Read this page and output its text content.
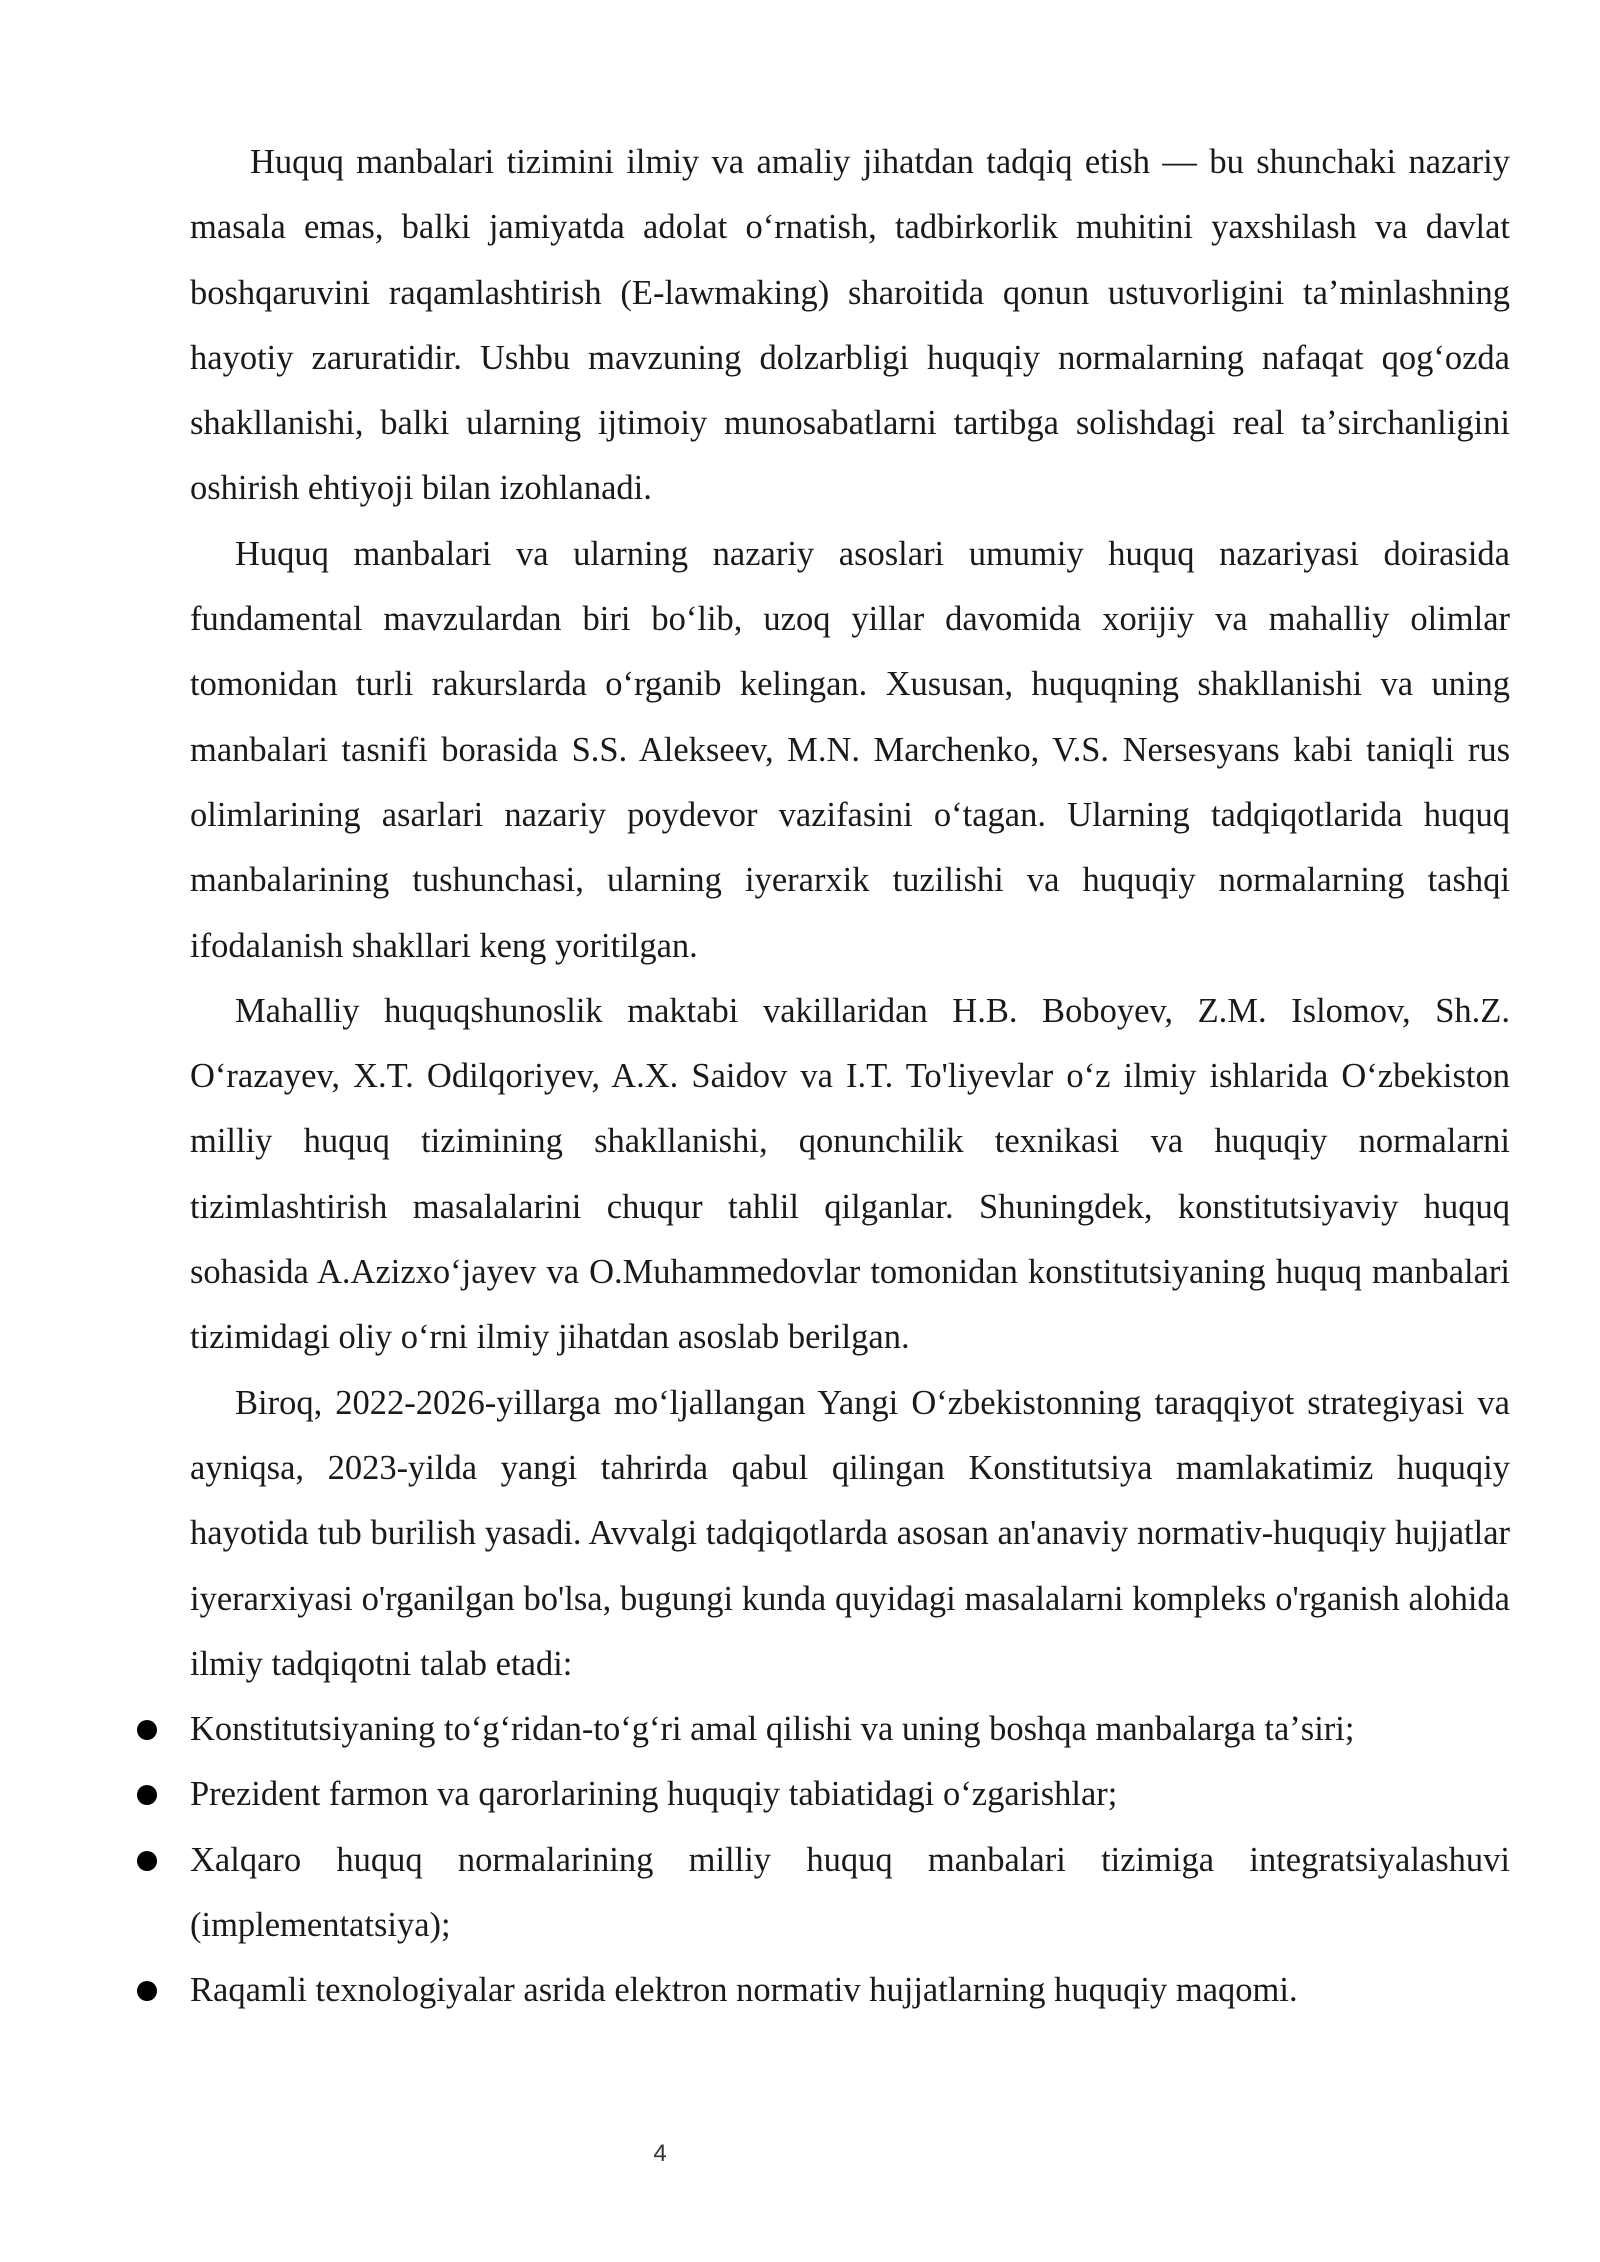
Huquq manbalari tizimini ilmiy va amaliy jihatdan tadqiq etish — bu shunchaki nazariy masala emas, balki jamiyatda adolat oʻrnatish, tadbirkorlik muhitini yaxshilash va davlat boshqaruvini raqamlashtirish (E-lawmaking) sharoitida qonun ustuvorligini taʼminlashning hayotiy zaruratidir. Ushbu mavzuning dolzarbligi huquqiy normalarning nafaqat qogʻozda shakllanishi, balki ularning ijtimoiy munosabatlarni tartibga solishdagi real taʼsirchanligini oshirish ehtiyoji bilan izohlanadi.

Huquq manbalari va ularning nazariy asoslari umumiy huquq nazariyasi doirasida fundamental mavzulardan biri boʻlib, uzoq yillar davomida xorijiy va mahalliy olimlar tomonidan turli rakurslarda oʻrganib kelingan. Xususan, huquqning shakllanishi va uning manbalari tasnifi borasida S.S. Alekseev, M.N. Marchenko, V.S. Nersesyans kabi taniqli rus olimlarining asarlari nazariy poydevor vazifasini oʻtagan. Ularning tadqiqotlarida huquq manbalarining tushunchasi, ularning iyerarxik tuzilishi va huquqiy normalarning tashqi ifodalanish shakllari keng yoritilgan.

Mahalliy huquqshunoslik maktabi vakillaridan H.B. Boboyev, Z.M. Islomov, Sh.Z. Oʻrazayev, X.T. Odilqoriyev, A.X. Saidov va I.T. To'liyevlar oʻz ilmiy ishlarida Oʻzbekiston milliy huquq tizimining shakllanishi, qonunchilik texnikasi va huquqiy normalarni tizimlashtirish masalalarini chuqur tahlil qilganlar. Shuningdek, konstitutsiyaviy huquq sohasida A.Azizxoʻjayev va O.Muhammedovlar tomonidan konstitutsiyaning huquq manbalari tizimidagi oliy oʻrni ilmiy jihatdan asoslab berilgan.

Biroq, 2022-2026-yillarga moʻljallangan Yangi Oʻzbekistonning taraqqiyot strategiyasi va ayniqsa, 2023-yilda yangi tahrirda qabul qilingan Konstitutsiya mamlakatimiz huquqiy hayotida tub burilish yasadi. Avvalgi tadqiqotlarda asosan an'anaviy normativ-huquqiy hujjatlar iyerarxiyasi o'rganilgan bo'lsa, bugungi kunda quyidagi masalalarni kompleks o'rganish alohida ilmiy tadqiqotni talab etadi:

Konstitutsiyaning toʻgʻridan-toʻgʻri amal qilishi va uning boshqa manbalarga taʼsiri;
Prezident farmon va qarorlarining huquqiy tabiatidagi oʻzgarishlar;
Xalqaro huquq normalarining milliy huquq manbalari tizimiga integratsiyalashuvi (implementatsiya);
Raqamli texnologiyalar asrida elektron normativ hujjatlarning huquqiy maqomi.
4
